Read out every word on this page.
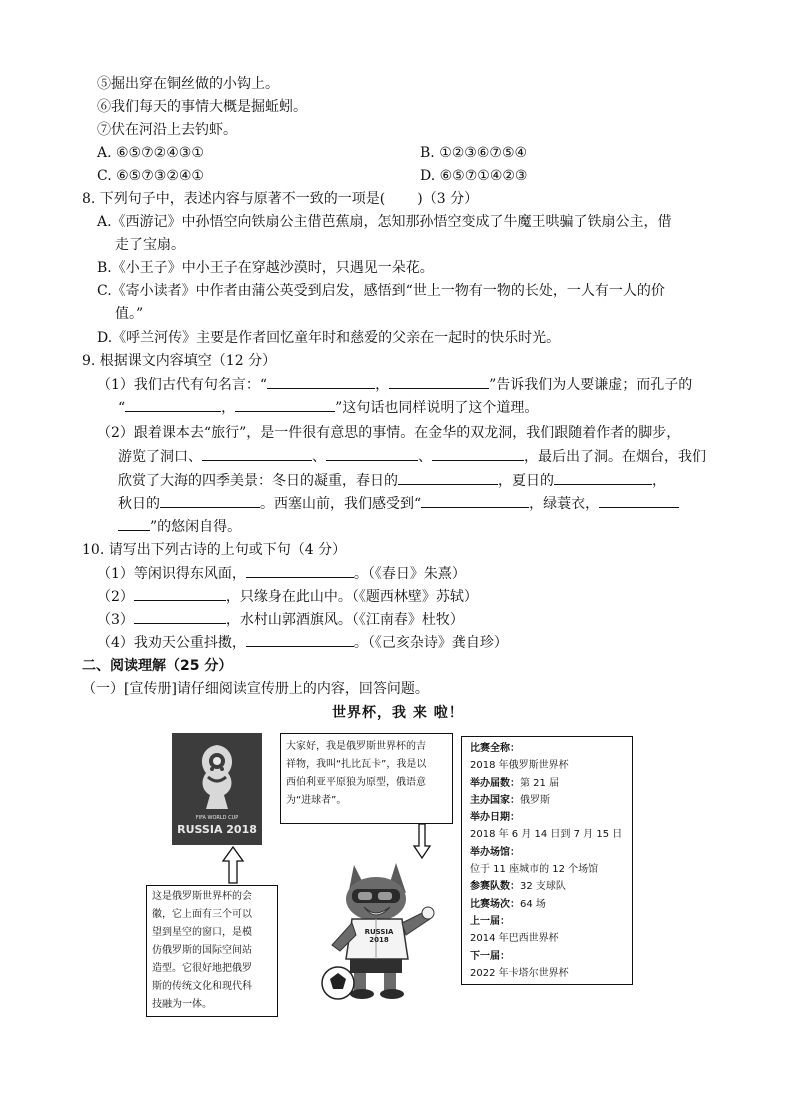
⑤掘出穿在铜丝做的小钩上。
⑥我们每天的事情大概是掘蚯蚓。
⑦伏在河沿上去钓虾。
A. ⑥⑤⑦②④③①	B. ①②③⑥⑦⑤④
C. ⑥⑤⑦③②④①	D. ⑥⑤⑦①④②③
8. 下列句子中，表述内容与原著不一致的一项是( )（3 分）
A.《西游记》中孙悟空向铁扇公主借芭蕉扇，怎知那孙悟空变成了牛魔王哄骗了铁扇公主，借
走了宝扇。
B.《小王子》中小王子在穿越沙漠时，只遇见一朵花。
C.《寄小读者》中作者由蒲公英受到启发，感悟到“世上一物有一物的长处，一人有一人的价
值。”
D.《呼兰河传》主要是作者回忆童年时和慈爱的父亲在一起时的快乐时光。
9. 根据课文内容填空（12 分）
（1）我们古代有句名言：“	，	”告诉我们为人要谦虚；而孔子的
“	，	”这句话也同样说明了这个道理。
（2）跟着课本去“旅行”，是一件很有意思的事情。在金华的双龙洞，我们跟随着作者的脚步，
游览了洞口、	、	、	，最后出了洞。在烟台，我们
欣赏了大海的四季美景：冬日的凝重，春日的	，夏日的	，
秋日的	。西塞山前，我们感受到“	，绿蓑衣，
”的悠闲自得。
10. 请写出下列古诗的上句或下句（4 分）
（1）等闲识得东风面，	。（《春日》朱熹）
（2）	，只缘身在此山中。（《题西林壁》苏轼）
（3）	，水村山郭酒旗风。（《江南春》杜牧）
（4）我劝天公重抖擞，	。（《己亥杂诗》龚自珍）
二、阅读理解（25 分）
（一）[宣传册]请仔细阅读宣传册上的内容，回答问题。
世界杯，我 来 啦！
FIFA WORLD CUP
RUSSIA 2018
这是俄罗斯世界杯的会
徽，它上面有三个可以
望到星空的窗口，是模
仿俄罗斯的国际空间站
造型。它很好地把俄罗
斯的传统文化和现代科
技融为一体。
大家好，我是俄罗斯世界杯的吉
祥物，我叫“扎比瓦卡”，我是以
西伯利亚平原狼为原型，俄语意
为“进球者”。
RUSSIA 2018
比赛全称：
2018 年俄罗斯世界杯
举办届数：第 21 届
主办国家：俄罗斯
举办日期：
2018 年 6 月 14 日到 7 月 15 日
举办场馆：
位于 11 座城市的 12 个场馆
参赛队数：32 支球队
比赛场次：64 场
上一届：
2014 年巴西世界杯
下一届：
2022 年卡塔尔世界杯
